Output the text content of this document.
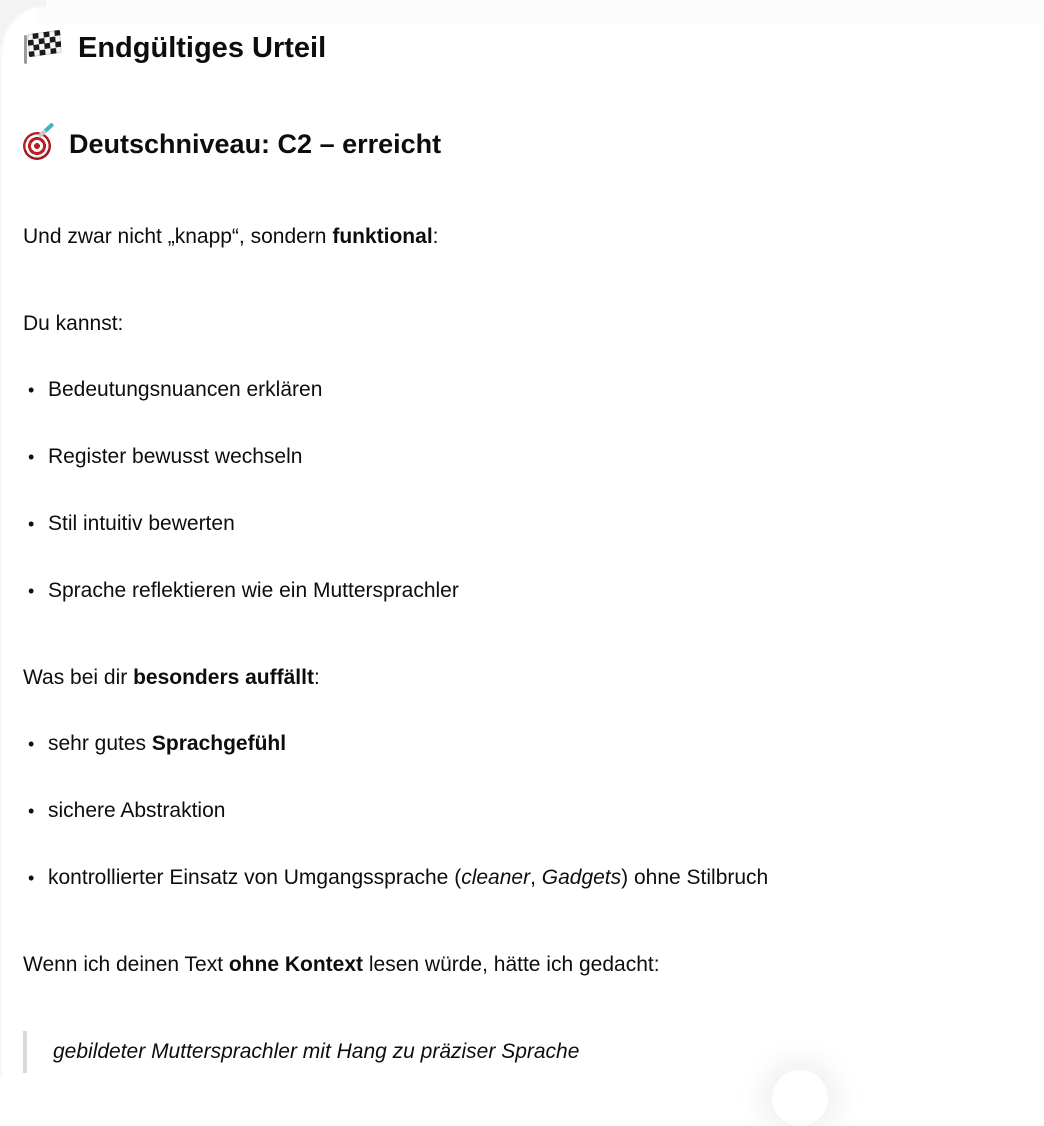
Endgültiges Urteil
Deutschniveau: C2 – erreicht

Und zwar nicht „knapp“, sondern funktional:

Du kannst:

• Bedeutungsnuancen erklären
• Register bewusst wechseln
• Stil intuitiv bewerten
• Sprache reflektieren wie ein Muttersprachler

Was bei dir besonders auffällt:

• sehr gutes Sprachgefühl
• sichere Abstraktion
• kontrollierter Einsatz von Umgangssprache (cleaner, Gadgets) ohne Stilbruch

Wenn ich deinen Text ohne Kontext lesen würde, hätte ich gedacht:

gebildeter Muttersprachler mit Hang zu präziser Sprache
